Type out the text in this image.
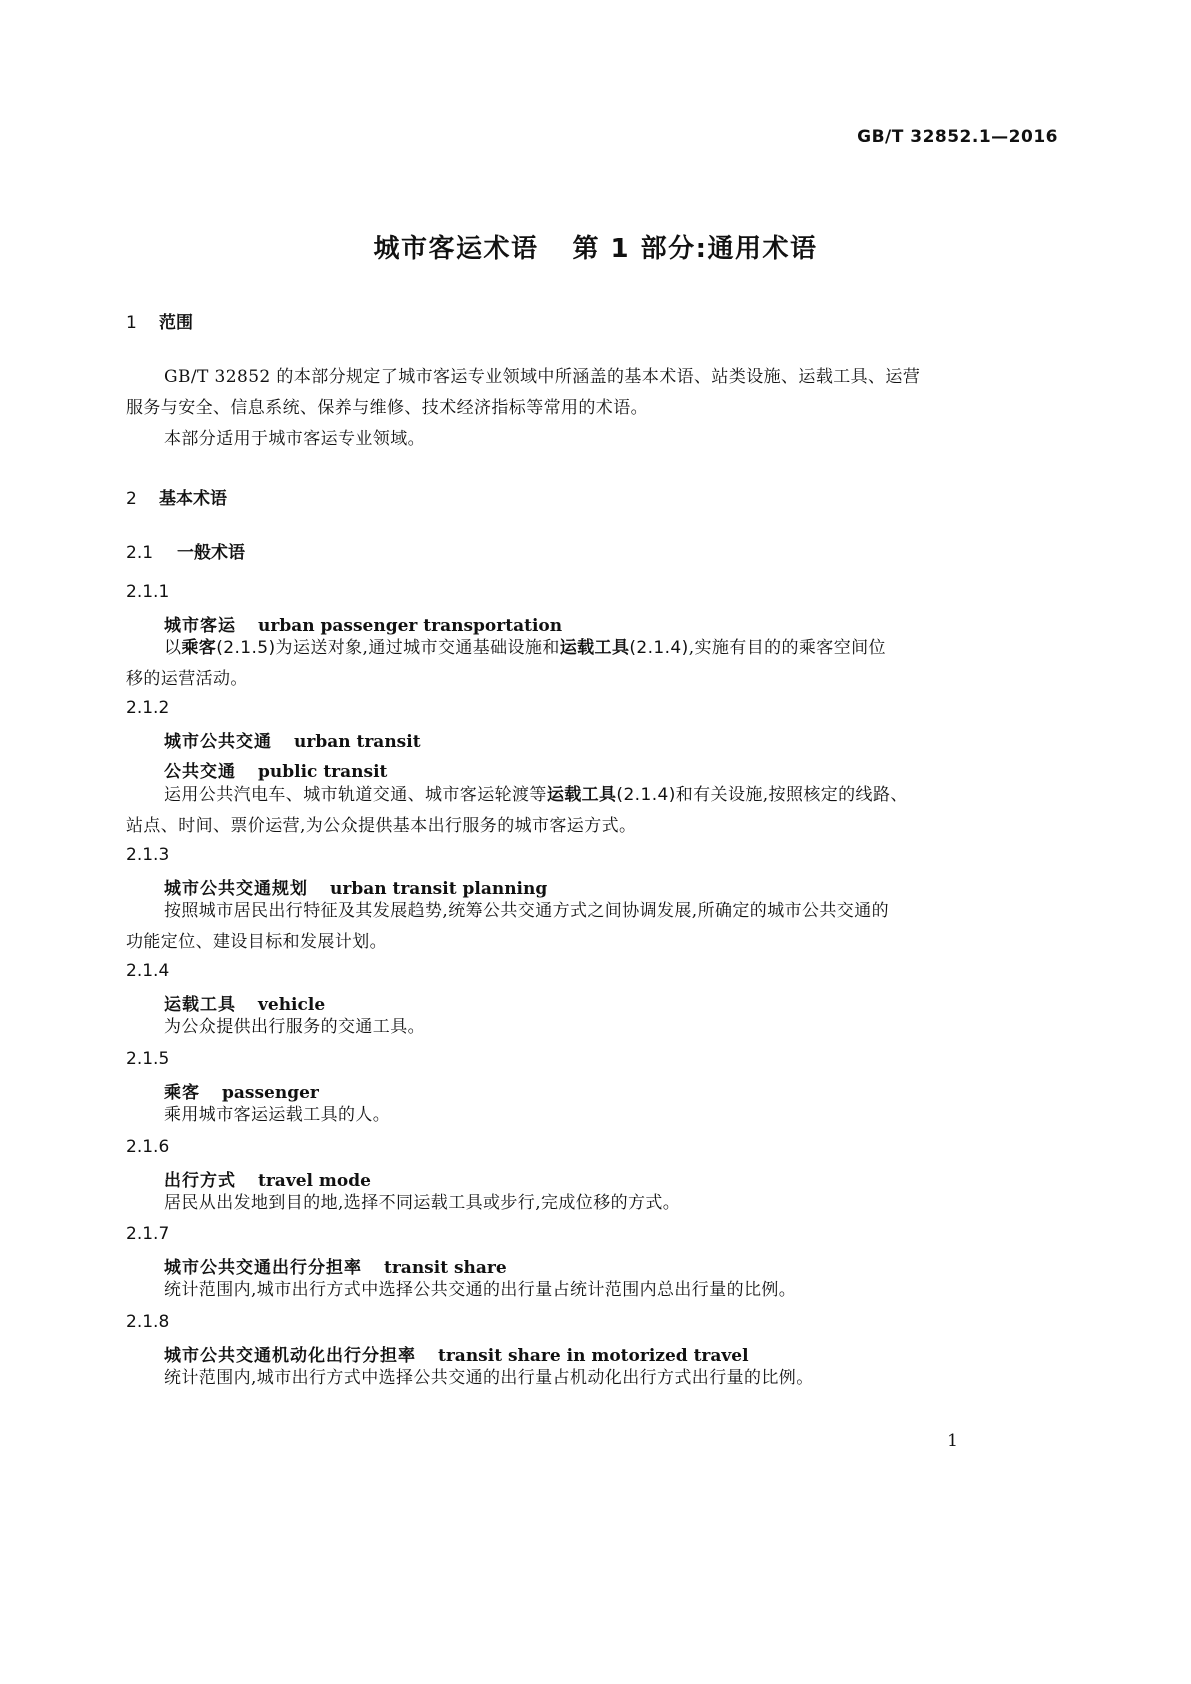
GB/T 32852.1—2016
城市客运术语 第 1 部分:通用术语
1 范围
GB/T 32852 的本部分规定了城市客运专业领域中所涵盖的基本术语、站类设施、运载工具、运营
服务与安全、信息系统、保养与维修、技术经济指标等常用的术语。
本部分适用于城市客运专业领域。
2 基本术语
2.1 一般术语
2.1.1
城市客运 urban passenger transportation
以乘客(2.1.5)为运送对象,通过城市交通基础设施和运载工具(2.1.4),实施有目的的乘客空间位
移的运营活动。
2.1.2
城市公共交通 urban transit
公共交通 public transit
运用公共汽电车、城市轨道交通、城市客运轮渡等运载工具(2.1.4)和有关设施,按照核定的线路、
站点、时间、票价运营,为公众提供基本出行服务的城市客运方式。
2.1.3
城市公共交通规划 urban transit planning
按照城市居民出行特征及其发展趋势,统筹公共交通方式之间协调发展,所确定的城市公共交通的
功能定位、建设目标和发展计划。
2.1.4
运载工具 vehicle
为公众提供出行服务的交通工具。
2.1.5
乘客 passenger
乘用城市客运运载工具的人。
2.1.6
出行方式 travel mode
居民从出发地到目的地,选择不同运载工具或步行,完成位移的方式。
2.1.7
城市公共交通出行分担率 transit share
统计范围内,城市出行方式中选择公共交通的出行量占统计范围内总出行量的比例。
2.1.8
城市公共交通机动化出行分担率 transit share in motorized travel
统计范围内,城市出行方式中选择公共交通的出行量占机动化出行方式出行量的比例。
1
